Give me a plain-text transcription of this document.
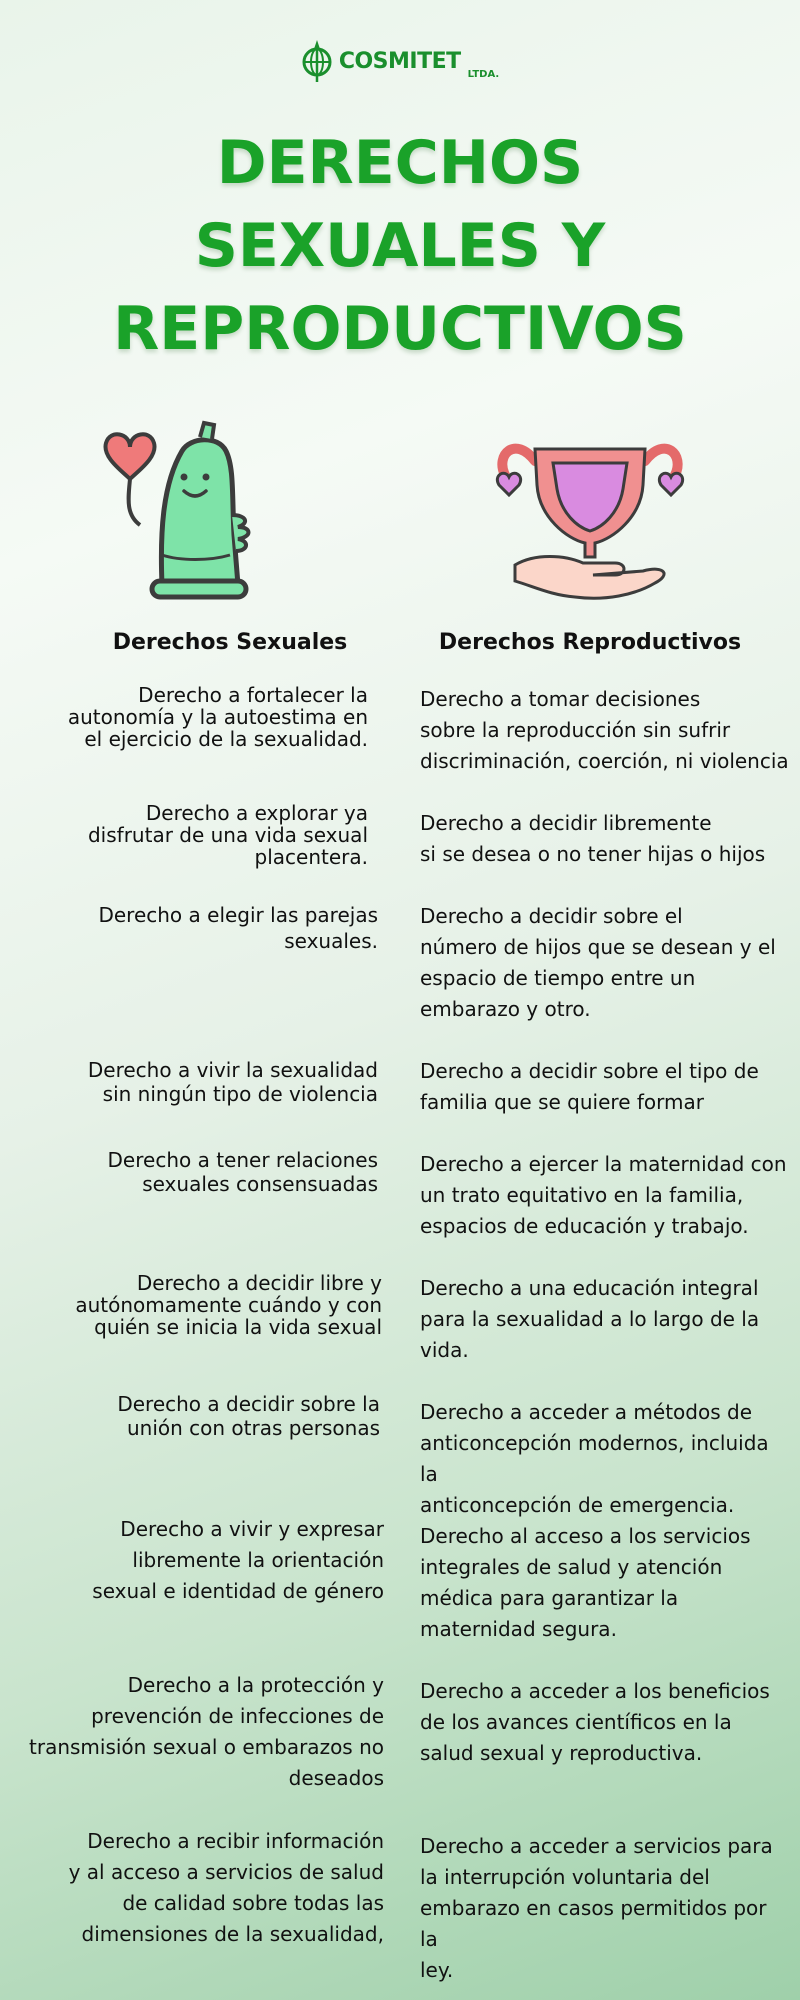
COSMITET
LTDA.
DERECHOS
SEXUALES Y
REPRODUCTIVOS
Derechos Sexuales	Derechos Reproductivos
Derecho a fortalecer la
autonomía y la autoestima en
el ejercicio de la sexualidad.
Derecho a explorar ya
disfrutar de una vida sexual
placentera.
Derecho a elegir las parejas
sexuales.
Derecho a vivir la sexualidad
sin ningún tipo de violencia
Derecho a tener relaciones
sexuales consensuadas
Derecho a decidir libre y
autónomamente cuándo y con
quién se inicia la vida sexual
Derecho a decidir sobre la
unión con otras personas
Derecho a vivir y expresar
libremente la orientación
sexual e identidad de género
Derecho a la protección y
prevención de infecciones de
transmisión sexual o embarazos no
deseados
Derecho a recibir información
y al acceso a servicios de salud
de calidad sobre todas las
dimensiones de la sexualidad,
Derecho a tomar decisiones
sobre la reproducción sin sufrir
discriminación, coerción, ni violencia
Derecho a decidir libremente
si se desea o no tener hijas o hijos
Derecho a decidir sobre el
número de hijos que se desean y el
espacio de tiempo entre un
embarazo y otro.
Derecho a decidir sobre el tipo de
familia que se quiere formar
Derecho a ejercer la maternidad con
un trato equitativo en la familia,
espacios de educación y trabajo.
Derecho a una educación integral
para la sexualidad a lo largo de la
vida.
Derecho a acceder a métodos de
anticoncepción modernos, incluida la
anticoncepción de emergencia.
Derecho al acceso a los servicios
integrales de salud y atención
médica para garantizar la
maternidad segura.
Derecho a acceder a los beneficios
de los avances científicos en la
salud sexual y reproductiva.
Derecho a acceder a servicios para
la interrupción voluntaria del
embarazo en casos permitidos por la
ley.
